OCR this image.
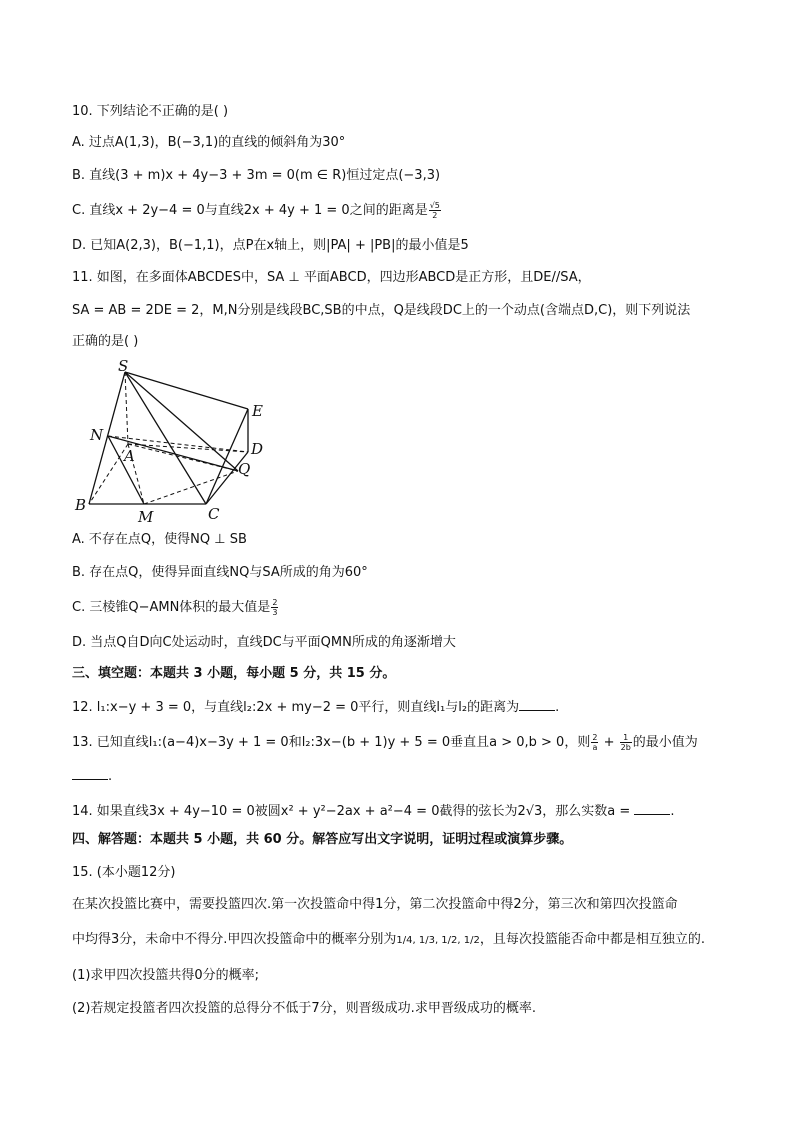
10. 下列结论不正确的是( )
A. 过点A(1,3)，B(−3,1)的直线的倾斜角为30°
B. 直线(3 + m)x + 4y−3 + 3m = 0(m ∈ R)恒过定点(−3,3)
C. 直线x + 2y−4 = 0与直线2x + 4y + 1 = 0之间的距离是 $\frac{√5}{2}$
D. 已知A(2,3)，B(−1,1)，点P在x轴上，则|PA| + |PB|的最小值是5
11. 如图，在多面体ABCDES中，SA ⊥ 平面ABCD，四边形ABCD是正方形，且DE//SA，
SA = AB = 2DE = 2，M,N分别是线段BC,SB的中点，Q是线段DC上的一个动点(含端点D,C)，则下列说法
正确的是( )
S
E
N
A	D
Q
B
M	C
A. 不存在点Q，使得NQ ⊥ SB
B. 存在点Q，使得异面直线NQ与SA所成的角为60°
C. 三棱锥Q−AMN体积的最大值是 $\frac{2}{3}$
D. 当点Q自D向C处运动时，直线DC与平面QMN所成的角逐渐增大
三、填空题：本题共 3 小题，每小题 5 分，共 15 分。
12. l₁:x−y + 3 = 0，与直线l₂:2x + my−2 = 0平行，则直线l₁与l₂的距离为	.
13. 已知直线l₁:(a−4)x−3y + 1 = 0和l₂:3x−(b + 1)y + 5 = 0垂直且a > 0,b > 0，则 $\frac{2}{a} + \frac{1}{2b}$ 的最小值为
.
14. 如果直线3x + 4y−10 = 0被圆x² + y²−2ax + a²−4 = 0截得的弦长为2√3，那么实数a =	.
四、解答题：本题共 5 小题，共 60 分。解答应写出文字说明，证明过程或演算步骤。
15. (本小题12分)
在某次投篮比赛中，需要投篮四次.第一次投篮命中得1分，第二次投篮命中得2分，第三次和第四次投篮命
中均得3分，未命中不得分.甲四次投篮命中的概率分别为1/4, 1/3, 1/2, 1/2，且每次投篮能否命中都是相互独立的.
(1)求甲四次投篮共得0分的概率;
(2)若规定投篮者四次投篮的总得分不低于7分，则晋级成功.求甲晋级成功的概率.
